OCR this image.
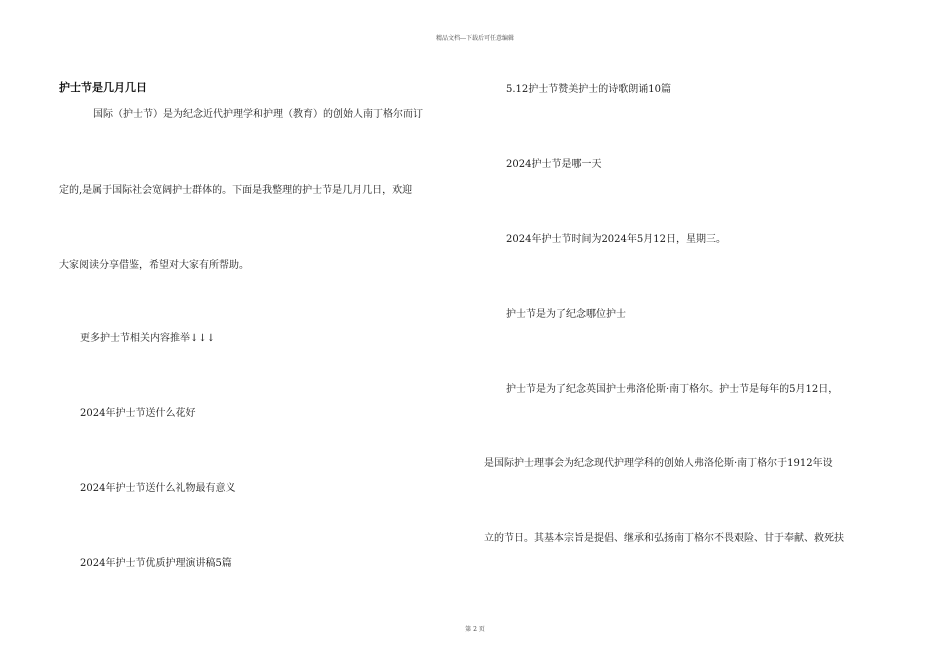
精品文档---下载后可任意编辑
护士节是几月几日
国际（护士节）是为纪念近代护理学和护理（教育）的创始人南丁格尔而订
定的,是属于国际社会宽阔护士群体的。下面是我整理的护士节是几月几日，欢迎
大家阅读分享借鉴，希望对大家有所帮助。
更多护士节相关内容推举↓↓↓
2024年护士节送什么花好
2024年护士节送什么礼物最有意义
2024年护士节优质护理演讲稿5篇
5.12护士节赞美护士的诗歌朗诵10篇
2024护士节是哪一天
2024年护士节时间为2024年5月12日，星期三。
护士节是为了纪念哪位护士
护士节是为了纪念英国护士弗洛伦斯·南丁格尔。护士节是每年的5月12日，
是国际护士理事会为纪念现代护理学科的创始人弗洛伦斯·南丁格尔于1912年设
立的节日。其基本宗旨是提倡、继承和弘扬南丁格尔不畏艰险、甘于奉献、救死扶
第 2 页
